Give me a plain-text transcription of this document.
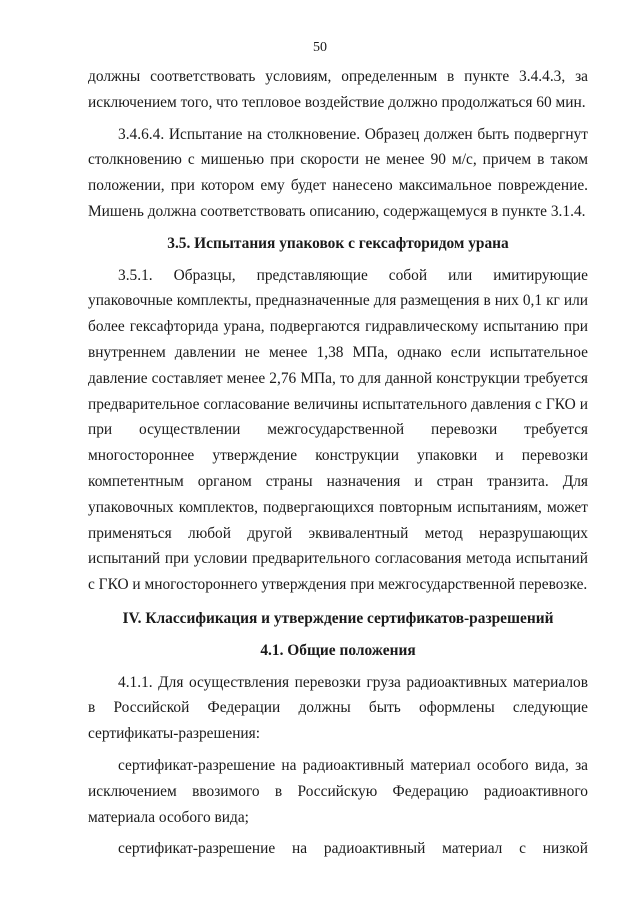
50

должны соответствовать условиям, определенным в пункте 3.4.4.3, за исключением того, что тепловое воздействие должно продолжаться 60 мин.

3.4.6.4. Испытание на столкновение. Образец должен быть подвергнут столкновению с мишенью при скорости не менее 90 м/с, причем в таком положении, при котором ему будет нанесено максимальное повреждение. Мишень должна соответствовать описанию, содержащемуся в пункте 3.1.4.

3.5. Испытания упаковок с гексафторидом урана

3.5.1. Образцы, представляющие собой или имитирующие упаковочные комплекты, предназначенные для размещения в них 0,1 кг или более гексафторида урана, подвергаются гидравлическому испытанию при внутреннем давлении не менее 1,38 МПа, однако если испытательное давление составляет менее 2,76 МПа, то для данной конструкции требуется предварительное согласование величины испытательного давления с ГКО и при осуществлении межгосударственной перевозки требуется многостороннее утверждение конструкции упаковки и перевозки компетентным органом страны назначения и стран транзита. Для упаковочных комплектов, подвергающихся повторным испытаниям, может применяться любой другой эквивалентный метод неразрушающих испытаний при условии предварительного согласования метода испытаний с ГКО и многостороннего утверждения при межгосударственной перевозке.

IV. Классификация и утверждение сертификатов-разрешений
4.1. Общие положения

4.1.1. Для осуществления перевозки груза радиоактивных материалов в Российской Федерации должны быть оформлены следующие сертификаты-разрешения:

сертификат-разрешение на радиоактивный материал особого вида, за исключением ввозимого в Российскую Федерацию радиоактивного материала особого вида;

сертификат-разрешение на радиоактивный материал с низкой
